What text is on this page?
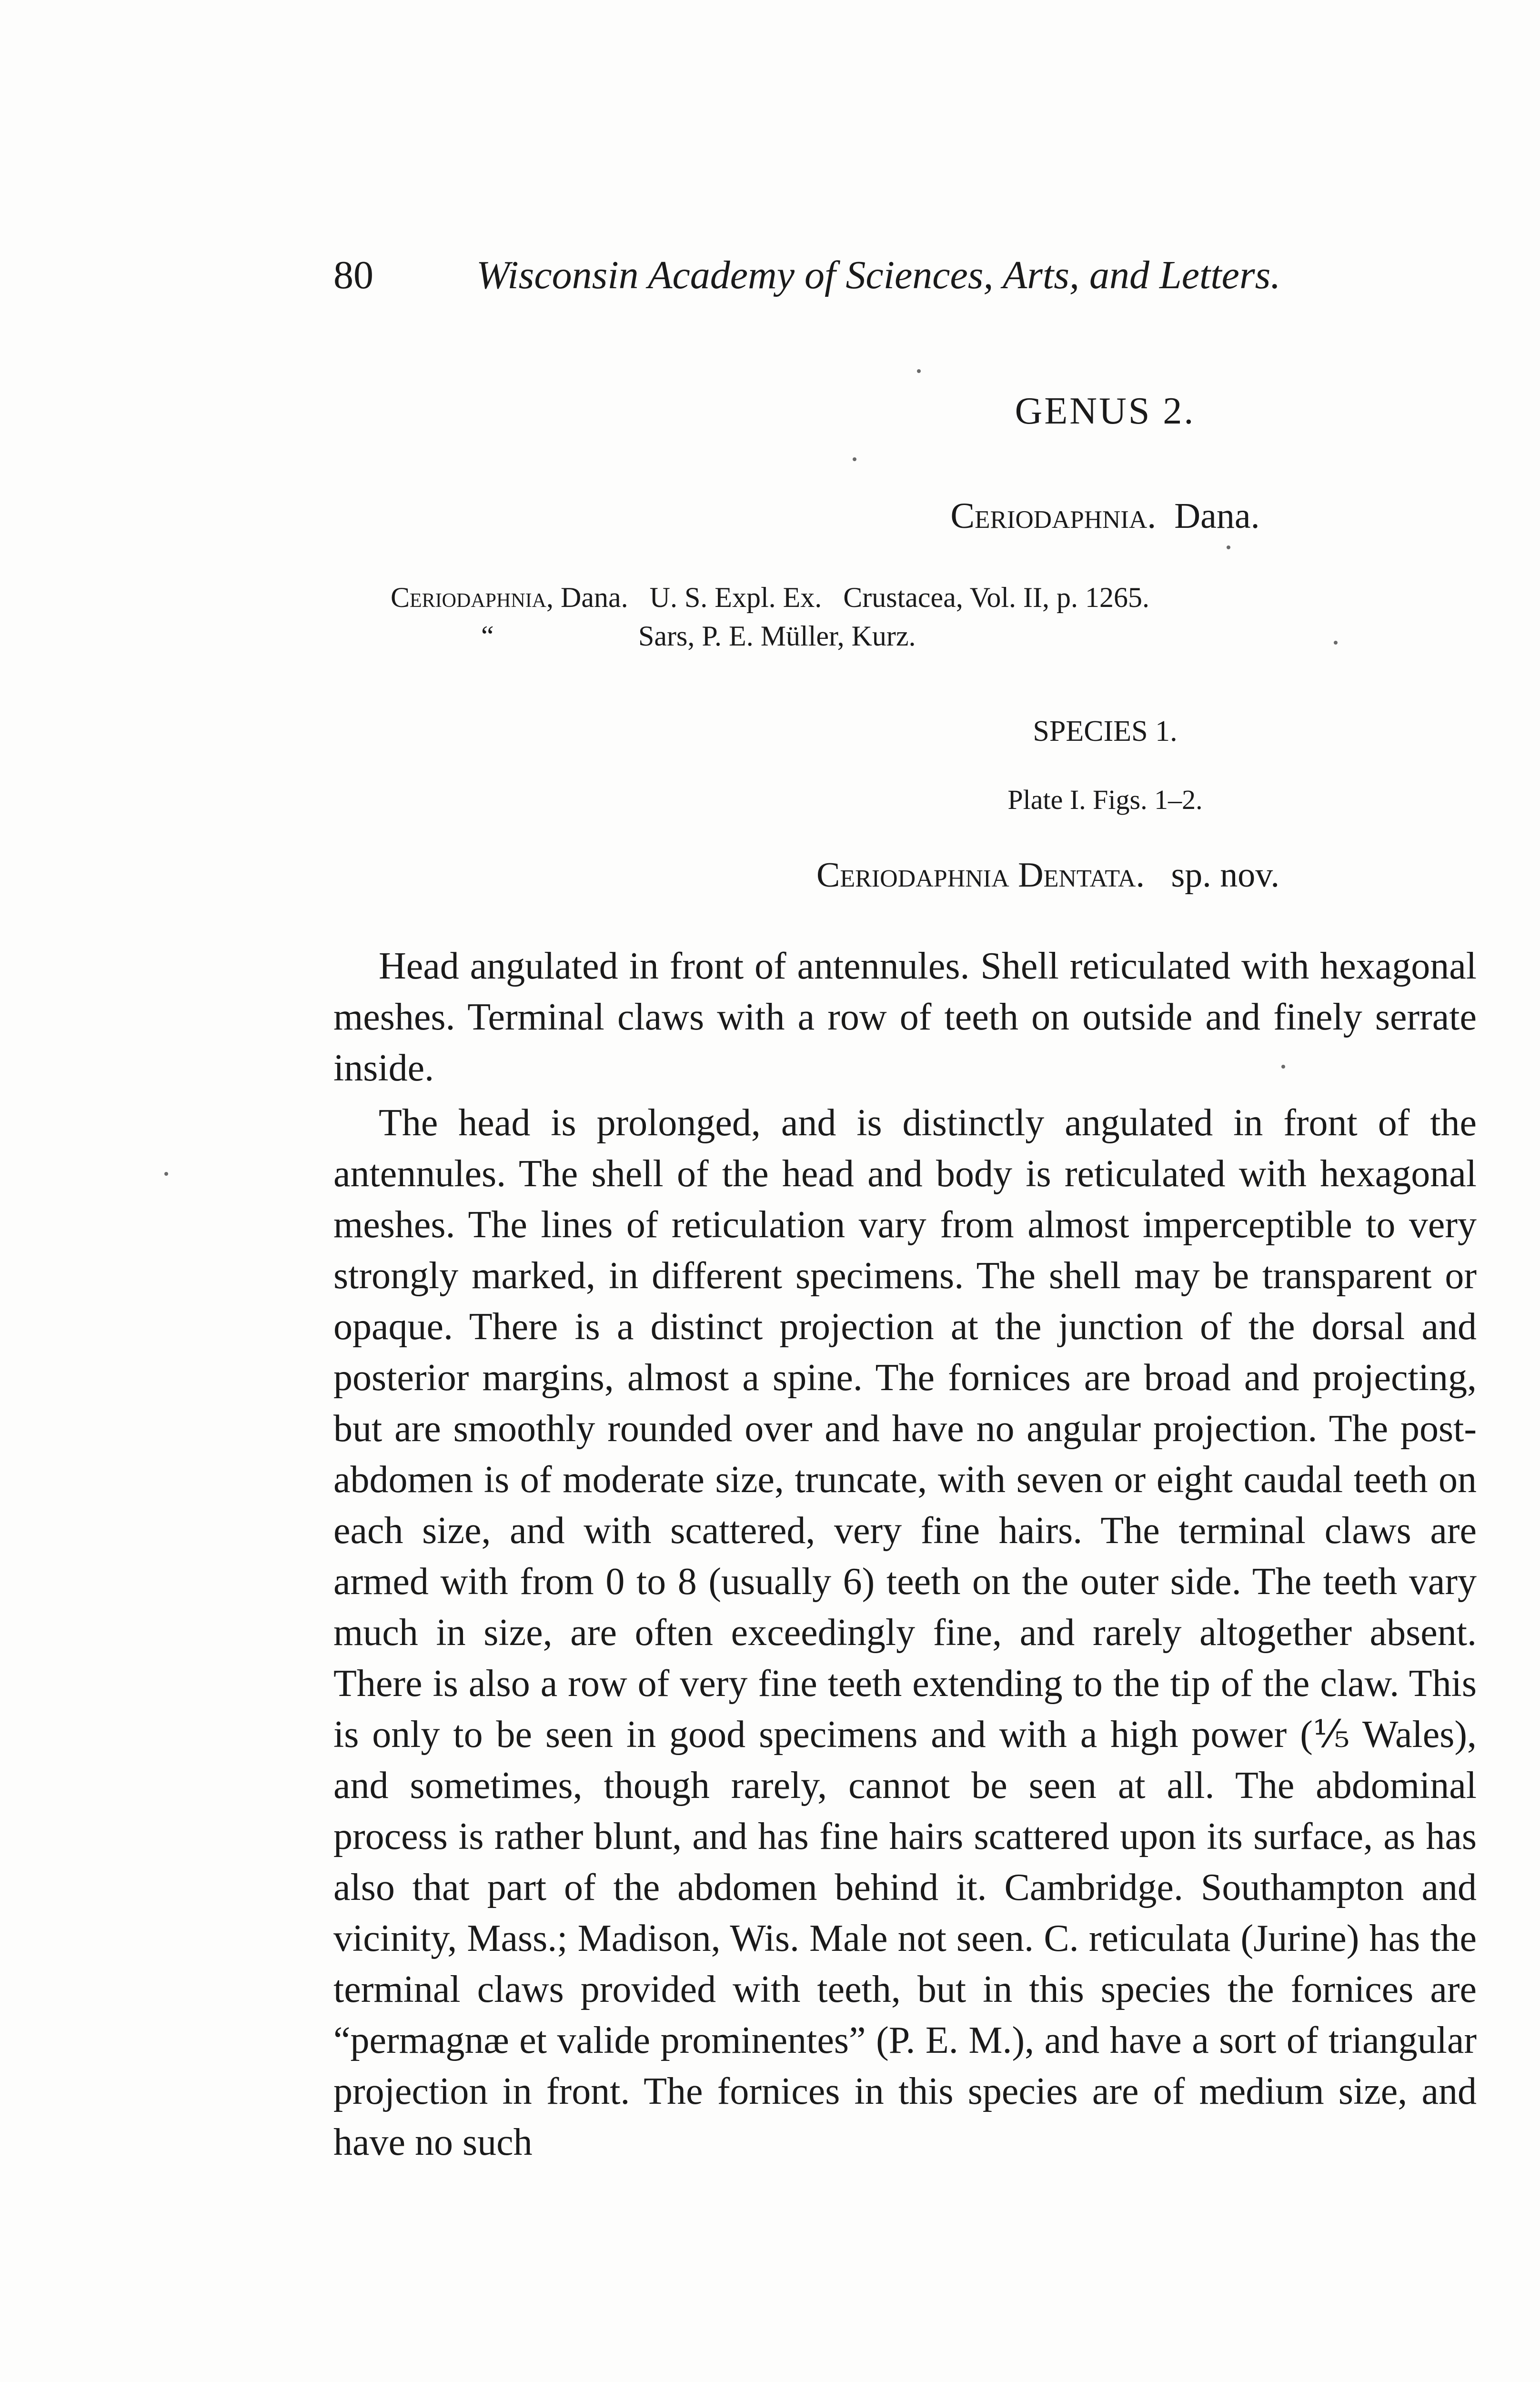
80	Wisconsin Academy of Sciences, Arts, and Letters.
GENUS 2.
Ceriodaphnia. Dana.
Ceriodaphnia, Dana.   U. S. Expl. Ex.   Crustacea, Vol. II, p. 1265.
“	Sars, P. E. Müller, Kurz.
SPECIES 1.
Plate I. Figs. 1–2.
Ceriodaphnia Dentata. sp. nov.

Head angulated in front of antennules. Shell reticulated with hexagonal meshes. Terminal claws with a row of teeth on outside and finely serrate inside.

The head is prolonged, and is distinctly angulated in front of the antennules. The shell of the head and body is reticulated with hexagonal meshes. The lines of reticulation vary from almost imperceptible to very strongly marked, in different specimens. The shell may be transparent or opaque. There is a distinct projection at the junction of the dorsal and posterior margins, almost a spine. The fornices are broad and projecting, but are smoothly rounded over and have no angular projection. The post-abdomen is of moderate size, truncate, with seven or eight caudal teeth on each size, and with scattered, very fine hairs. The terminal claws are armed with from 0 to 8 (usually 6) teeth on the outer side. The teeth vary much in size, are often exceedingly fine, and rarely altogether absent. There is also a row of very fine teeth extending to the tip of the claw. This is only to be seen in good specimens and with a high power (⅕ Wales), and sometimes, though rarely, cannot be seen at all. The abdominal process is rather blunt, and has fine hairs scattered upon its surface, as has also that part of the abdomen behind it. Cambridge. Southampton and vicinity, Mass.; Madison, Wis. Male not seen. C. reticulata (Jurine) has the terminal claws provided with teeth, but in this species the fornices are “permagnæ et valide prominentes” (P. E. M.), and have a sort of triangular projection in front. The fornices in this species are of medium size, and have no such
